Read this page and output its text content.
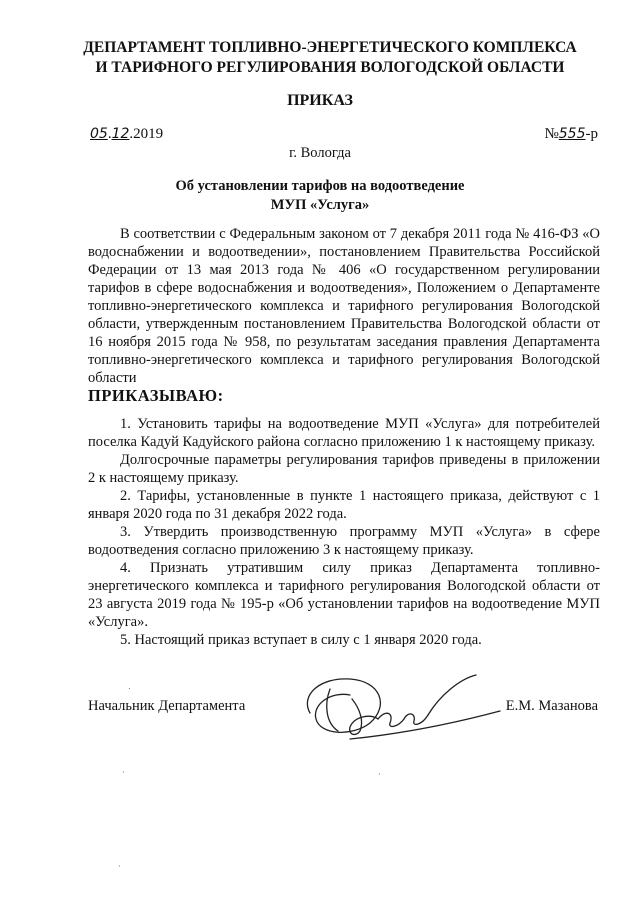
ДЕПАРТАМЕНТ ТОПЛИВНО-ЭНЕРГЕТИЧЕСКОГО КОМПЛЕКСА
И ТАРИФНОГО РЕГУЛИРОВАНИЯ ВОЛОГОДСКОЙ ОБЛАСТИ
ПРИКАЗ
05.12.2019	№555-р
г. Вологда
Об установлении тарифов на водоотведение
МУП «Услуга»

В соответствии с Федеральным законом от 7 декабря 2011 года № 416-ФЗ «О водоснабжении и водоотведении», постановлением Правительства Российской Федерации от 13 мая 2013 года № 406 «О государственном регулировании тарифов в сфере водоснабжения и водоотведения», Положением о Департаменте топливно-энергетического комплекса и тарифного регулирования Вологодской области, утвержденным постановлением Правительства Вологодской области от 16 ноября 2015 года № 958, по результатам заседания правления Департамента топливно-энергетического комплекса и тарифного регулирования Вологодской области

ПРИКАЗЫВАЮ:

1. Установить тарифы на водоотведение МУП «Услуга» для потребителей поселка Кадуй Кадуйского района согласно приложению 1 к настоящему приказу.

Долгосрочные параметры регулирования тарифов приведены в приложении 2 к настоящему приказу.

2. Тарифы, установленные в пункте 1 настоящего приказа, действуют с 1 января 2020 года по 31 декабря 2022 года.

3. Утвердить производственную программу МУП «Услуга» в сфере водоотведения согласно приложению 3 к настоящему приказу.

4. Признать утратившим силу приказ Департамента топливно-энергетического комплекса и тарифного регулирования Вологодской области от 23 августа 2019 года № 195-р «Об установлении тарифов на водоотведение МУП «Услуга».

5. Настоящий приказ вступает в силу с 1 января 2020 года.

Начальник Департамента	Е.М. Мазанова
.
·	·
·
